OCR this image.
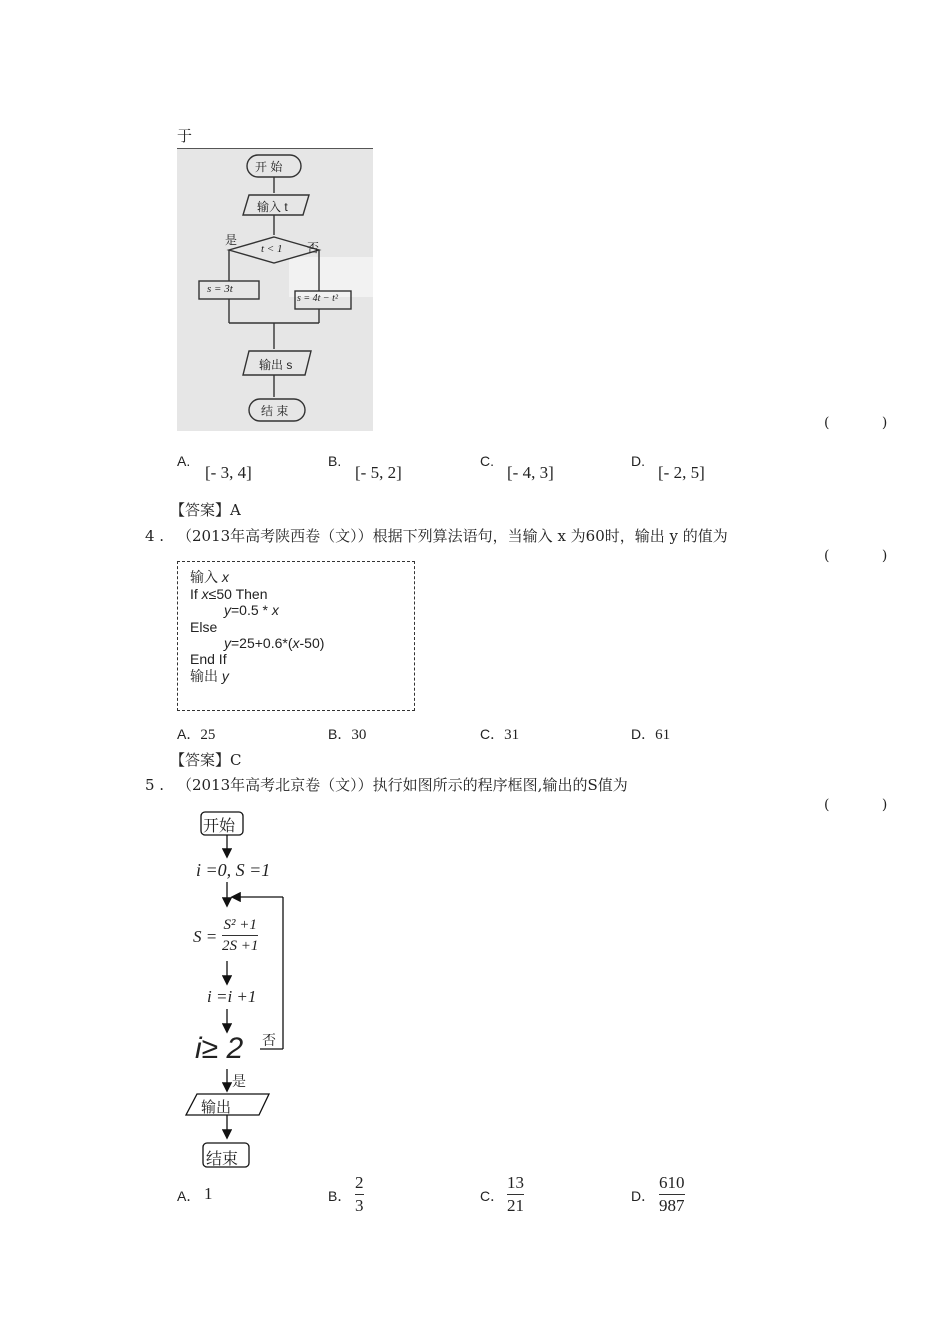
于
开 始
输入 t
t < 1
是
否
s = 3t
s = 4t − t²
输出 s
结 束
( )
A.
[- 3, 4]
B.
[- 5, 2]
C.
[- 4, 3]
D.
[- 2, 5]
【答案】A
4 . （2013年高考陕西卷（文））根据下列算法语句，当输入 x 为60时，输出 y 的值为
( )
输入 x
If x≤50 Then
y=0.5 * x
Else
y=25+0.6*(x-50)
End If
输出 y
A．25	B．30	C．31	D．61
【答案】C
5 . （2013年高考北京卷（文））执行如图所示的程序框图,输出的S值为
( )
开始
i =0, S =1
$S = \frac{\text{S² +1}}{2S +1}$
i =i +1
i≥ 2 否
是
输出
结束
A． 1	B． $\frac{2}{3}$	C． $\frac{13}{21}$	D． $\frac{610}{987}$
